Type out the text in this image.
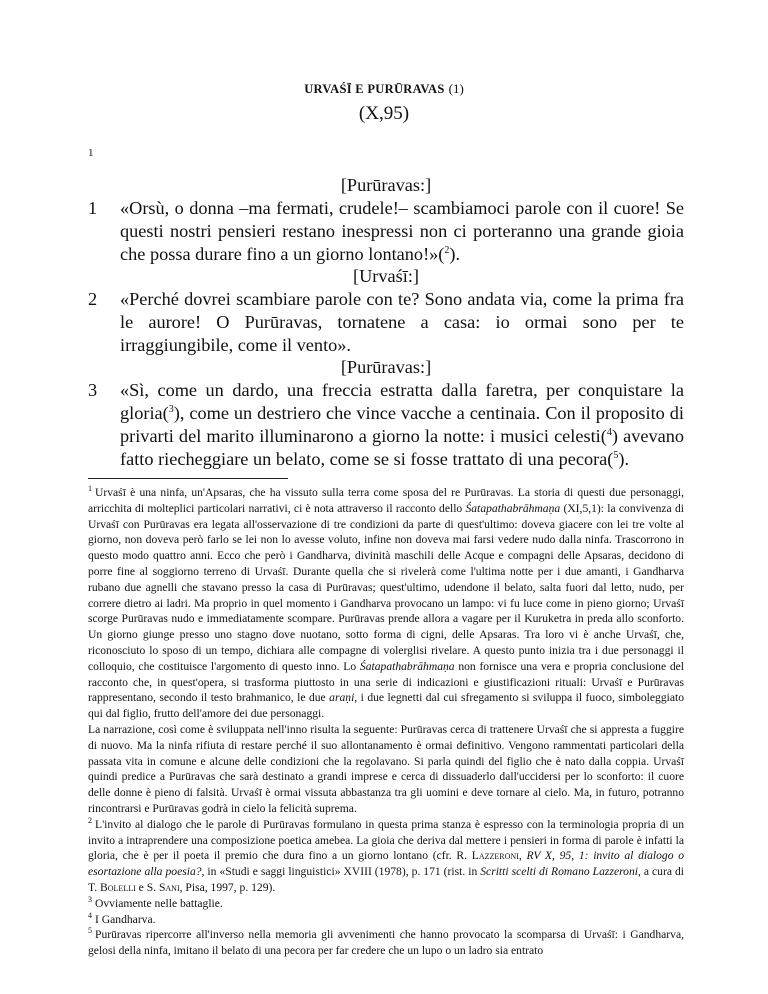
URVAŚĪ E PURŪRAVAS (1)
(X,95)
1
[Purūravas:]
1	«Orsù, o donna –ma fermati, crudele!– scambiamoci parole con il cuore! Se questi nostri pensieri restano inespressi non ci porteranno una grande gioia che possa durare fino a un giorno lontano!»($^2$).
[Urvaśī:]
2	«Perché dovrei scambiare parole con te? Sono andata via, come la prima fra le aurore! O Purūravas, tornatene a casa: io ormai sono per te irraggiungibile, come il vento».
[Purūravas:]
3	«Sì, come un dardo, una freccia estratta dalla faretra, per conquistare la gloria($^3$), come un destriero che vince vacche a centinaia. Con il proposito di privarti del marito illuminarono a giorno la notte: i musici celesti($^4$) avevano fatto riecheggiare un belato, come se si fosse trattato di una pecora($^5$).

$^1$ Urvaśī è una ninfa, un'Apsaras, che ha vissuto sulla terra come sposa del re Purūravas. La storia di questi due personaggi, arricchita di molteplici particolari narrativi, ci è nota attraverso il racconto dello Śatapathabrāhmaṇa (XI,5,1): la convivenza di Urvaśī con Purūravas era legata all'osservazione di tre condizioni da parte di quest'ultimo: doveva giacere con lei tre volte al giorno, non doveva però farlo se lei non lo avesse voluto, infine non doveva mai farsi vedere nudo dalla ninfa. Trascorrono in questo modo quattro anni. Ecco che però i Gandharva, divinità maschili delle Acque e compagni delle Apsaras, decidono di porre fine al soggiorno terreno di Urvaśī. Durante quella che si rivelerà come l'ultima notte per i due amanti, i Gandharva rubano due agnelli che stavano presso la casa di Purūravas; quest'ultimo, udendone il belato, salta fuori dal letto, nudo, per correre dietro ai ladri. Ma proprio in quel momento i Gandharva provocano un lampo: vi fu luce come in pieno giorno; Urvaśī scorge Purūravas nudo e immediatamente scompare. Purūravas prende allora a vagare per il Kuruketra in preda allo sconforto. Un giorno giunge presso uno stagno dove nuotano, sotto forma di cigni, delle Apsaras. Tra loro vi è anche Urvaśī, che, riconosciuto lo sposo di un tempo, dichiara alle compagne di volerglisi rivelare. A questo punto inizia tra i due personaggi il colloquio, che costituisce l'argomento di questo inno. Lo Śatapathabrāhmaṇa non fornisce una vera e propria conclusione del racconto che, in quest'opera, si trasforma piuttosto in una serie di indicazioni e giustificazioni rituali: Urvaśī e Purūravas rappresentano, secondo il testo brahmanico, le due araṇi, i due legnetti dal cui sfregamento si sviluppa il fuoco, simboleggiato qui dal figlio, frutto dell'amore dei due personaggi.

La narrazione, così come è sviluppata nell'inno risulta la seguente: Purūravas cerca di trattenere Urvaśī che si appresta a fuggire di nuovo. Ma la ninfa rifiuta di restare perché il suo allontanamento è ormai definitivo. Vengono rammentati particolari della passata vita in comune e alcune delle condizioni che la regolavano. Si parla quindi del figlio che è nato dalla coppia. Urvaśī quindi predice a Purūravas che sarà destinato a grandi imprese e cerca di dissuaderlo dall'uccidersi per lo sconforto: il cuore delle donne è pieno di falsità. Urvaśī è ormai vissuta abbastanza tra gli uomini e deve tornare al cielo. Ma, in futuro, potranno rincontrarsi e Purūravas godrà in cielo la felicità suprema.

$^2$ L'invito al dialogo che le parole di Purūravas formulano in questa prima stanza è espresso con la terminologia propria di un invito a intraprendere una composizione poetica amebea. La gioia che deriva dal mettere i pensieri in forma di parole è infatti la gloria, che è per il poeta il premio che dura fino a un giorno lontano (cfr. R. Lazzeroni, RV X, 95, 1: invito al dialogo o esortazione alla poesia?, in «Studi e saggi linguistici» XVIII (1978), p. 171 (rist. in Scritti scelti di Romano Lazzeroni, a cura di T. Bolelli e S. Sani, Pisa, 1997, p. 129).

$^3$ Ovviamente nelle battaglie.

$^4$ I Gandharva.

$^5$ Purūravas ripercorre all'inverso nella memoria gli avvenimenti che hanno provocato la scomparsa di Urvaśī: i Gandharva, gelosi della ninfa, imitano il belato di una pecora per far credere che un lupo o un ladro sia entrato
